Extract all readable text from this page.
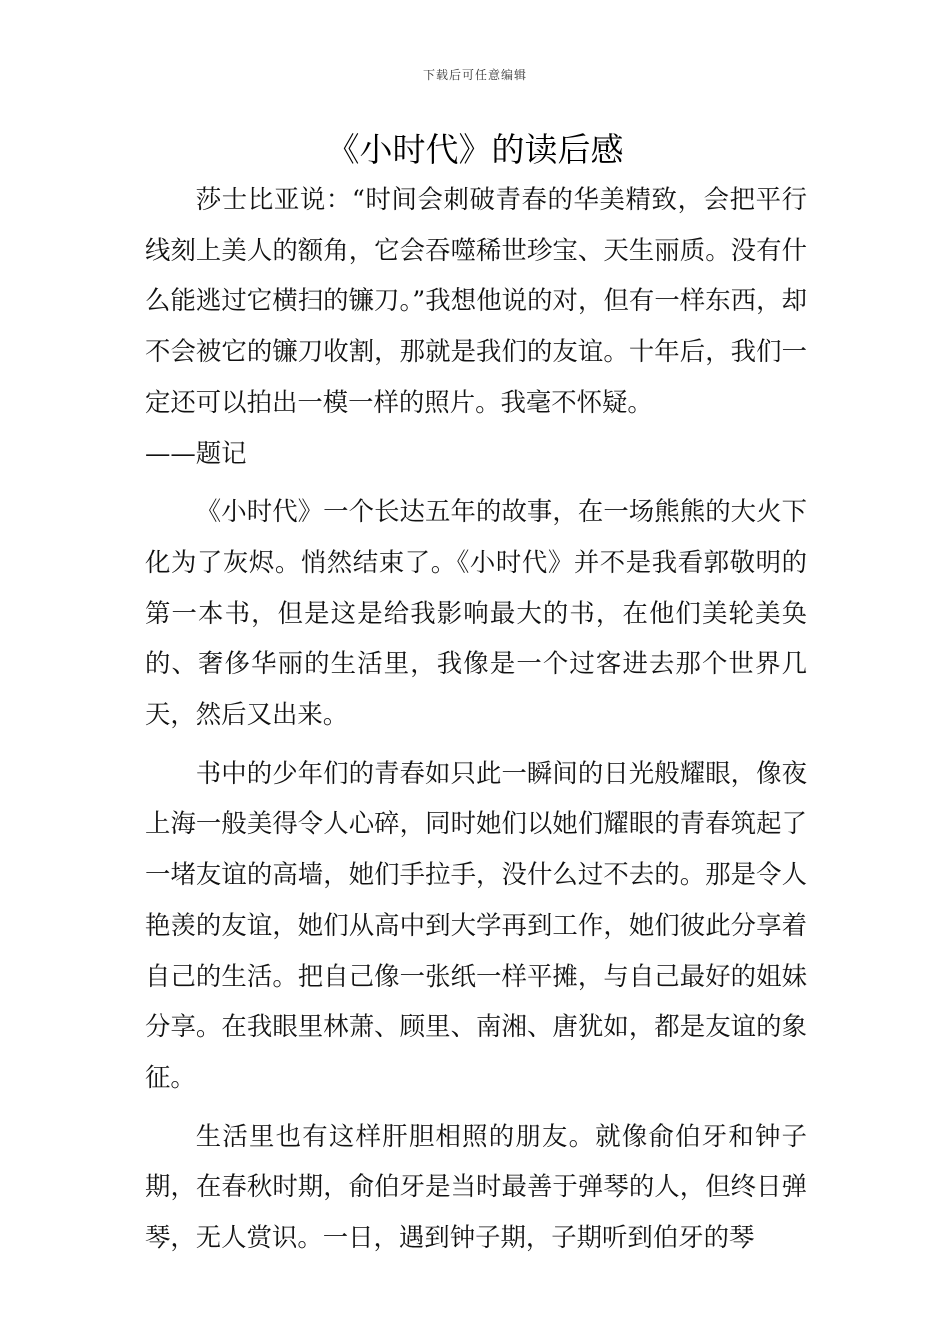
下载后可任意编辑
《小时代》的读后感

莎士比亚说：“时间会刺破青春的华美精致，会把平行线刻上美人的额角，它会吞噬稀世珍宝、天生丽质。没有什么能逃过它横扫的镰刀。”我想他说的对，但有一样东西，却不会被它的镰刀收割，那就是我们的友谊。十年后，我们一定还可以拍出一模一样的照片。我毫不怀疑。

——题记

《小时代》一个长达五年的故事，在一场熊熊的大火下化为了灰烬。悄然结束了。《小时代》并不是我看郭敬明的第一本书，但是这是给我影响最大的书，在他们美轮美奂的、奢侈华丽的生活里，我像是一个过客进去那个世界几天，然后又出来。

书中的少年们的青春如只此一瞬间的日光般耀眼，像夜上海一般美得令人心碎，同时她们以她们耀眼的青春筑起了一堵友谊的高墙，她们手拉手，没什么过不去的。那是令人艳羡的友谊，她们从高中到大学再到工作，她们彼此分享着自己的生活。把自己像一张纸一样平摊，与自己最好的姐妹分享。在我眼里林萧、顾里、南湘、唐犹如，都是友谊的象征。

生活里也有这样肝胆相照的朋友。就像俞伯牙和钟子期，在春秋时期，俞伯牙是当时最善于弹琴的人，但终日弹琴，无人赏识。一日，遇到钟子期，子期听到伯牙的琴
